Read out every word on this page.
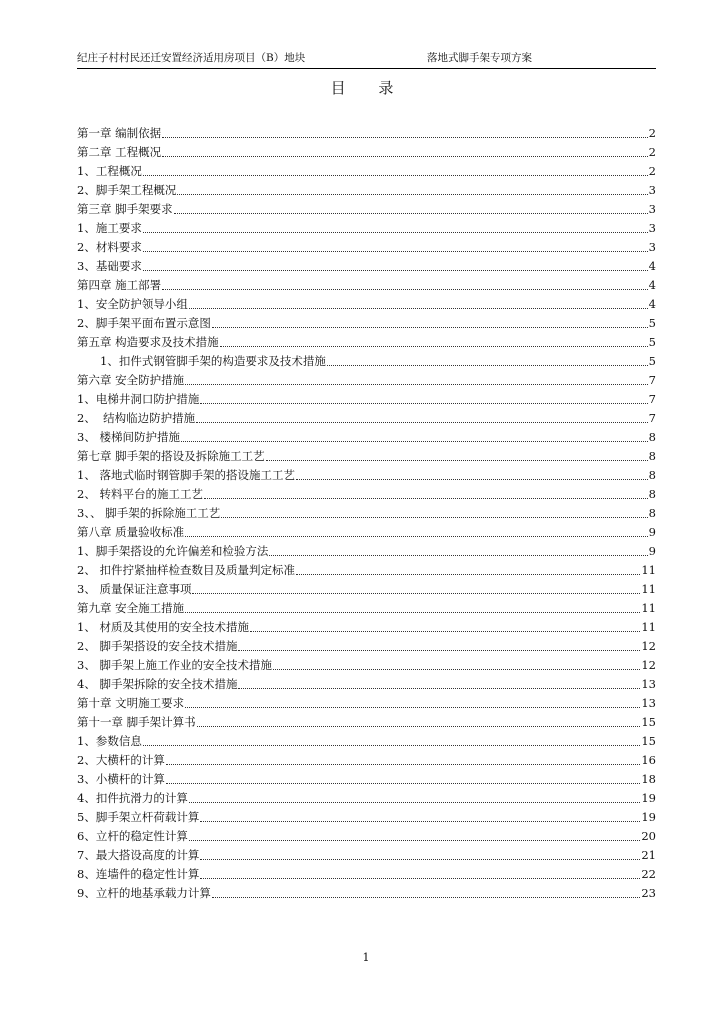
纪庄子村村民还迁安置经济适用房项目（B）地块	落地式脚手架专项方案
目 录
第一章 编制依据	2
第二章 工程概况	2
1、工程概况	2
2、脚手架工程概况	3
第三章 脚手架要求	3
1、施工要求	3
2、材料要求	3
3、基础要求	4
第四章 施工部署	4
1、安全防护领导小组	4
2、脚手架平面布置示意图	5
第五章 构造要求及技术措施	5
1、扣件式钢管脚手架的构造要求及技术措施	5
第六章 安全防护措施	7
1、电梯井洞口防护措施	7
2、  结构临边防护措施	7
3、 楼梯间防护措施	8
第七章 脚手架的搭设及拆除施工工艺	8
1、 落地式临时钢管脚手架的搭设施工工艺	8
2、 转料平台的施工工艺	8
3、、 脚手架的拆除施工工艺	8
第八章 质量验收标准	9
1、脚手架搭设的允许偏差和检验方法	9
2、 扣件拧紧抽样检查数目及质量判定标准	11
3、 质量保证注意事项	11
第九章 安全施工措施	11
1、 材质及其使用的安全技术措施	11
2、 脚手架搭设的安全技术措施	12
3、 脚手架上施工作业的安全技术措施	12
4、 脚手架拆除的安全技术措施	13
第十章 文明施工要求	13
第十一章 脚手架计算书	15
1、参数信息	15
2、大横杆的计算	16
3、小横杆的计算	18
4、扣件抗滑力的计算	19
5、脚手架立杆荷载计算	19
6、立杆的稳定性计算	20
7、最大搭设高度的计算	21
8、连墙件的稳定性计算	22
9、立杆的地基承载力计算	23
1
